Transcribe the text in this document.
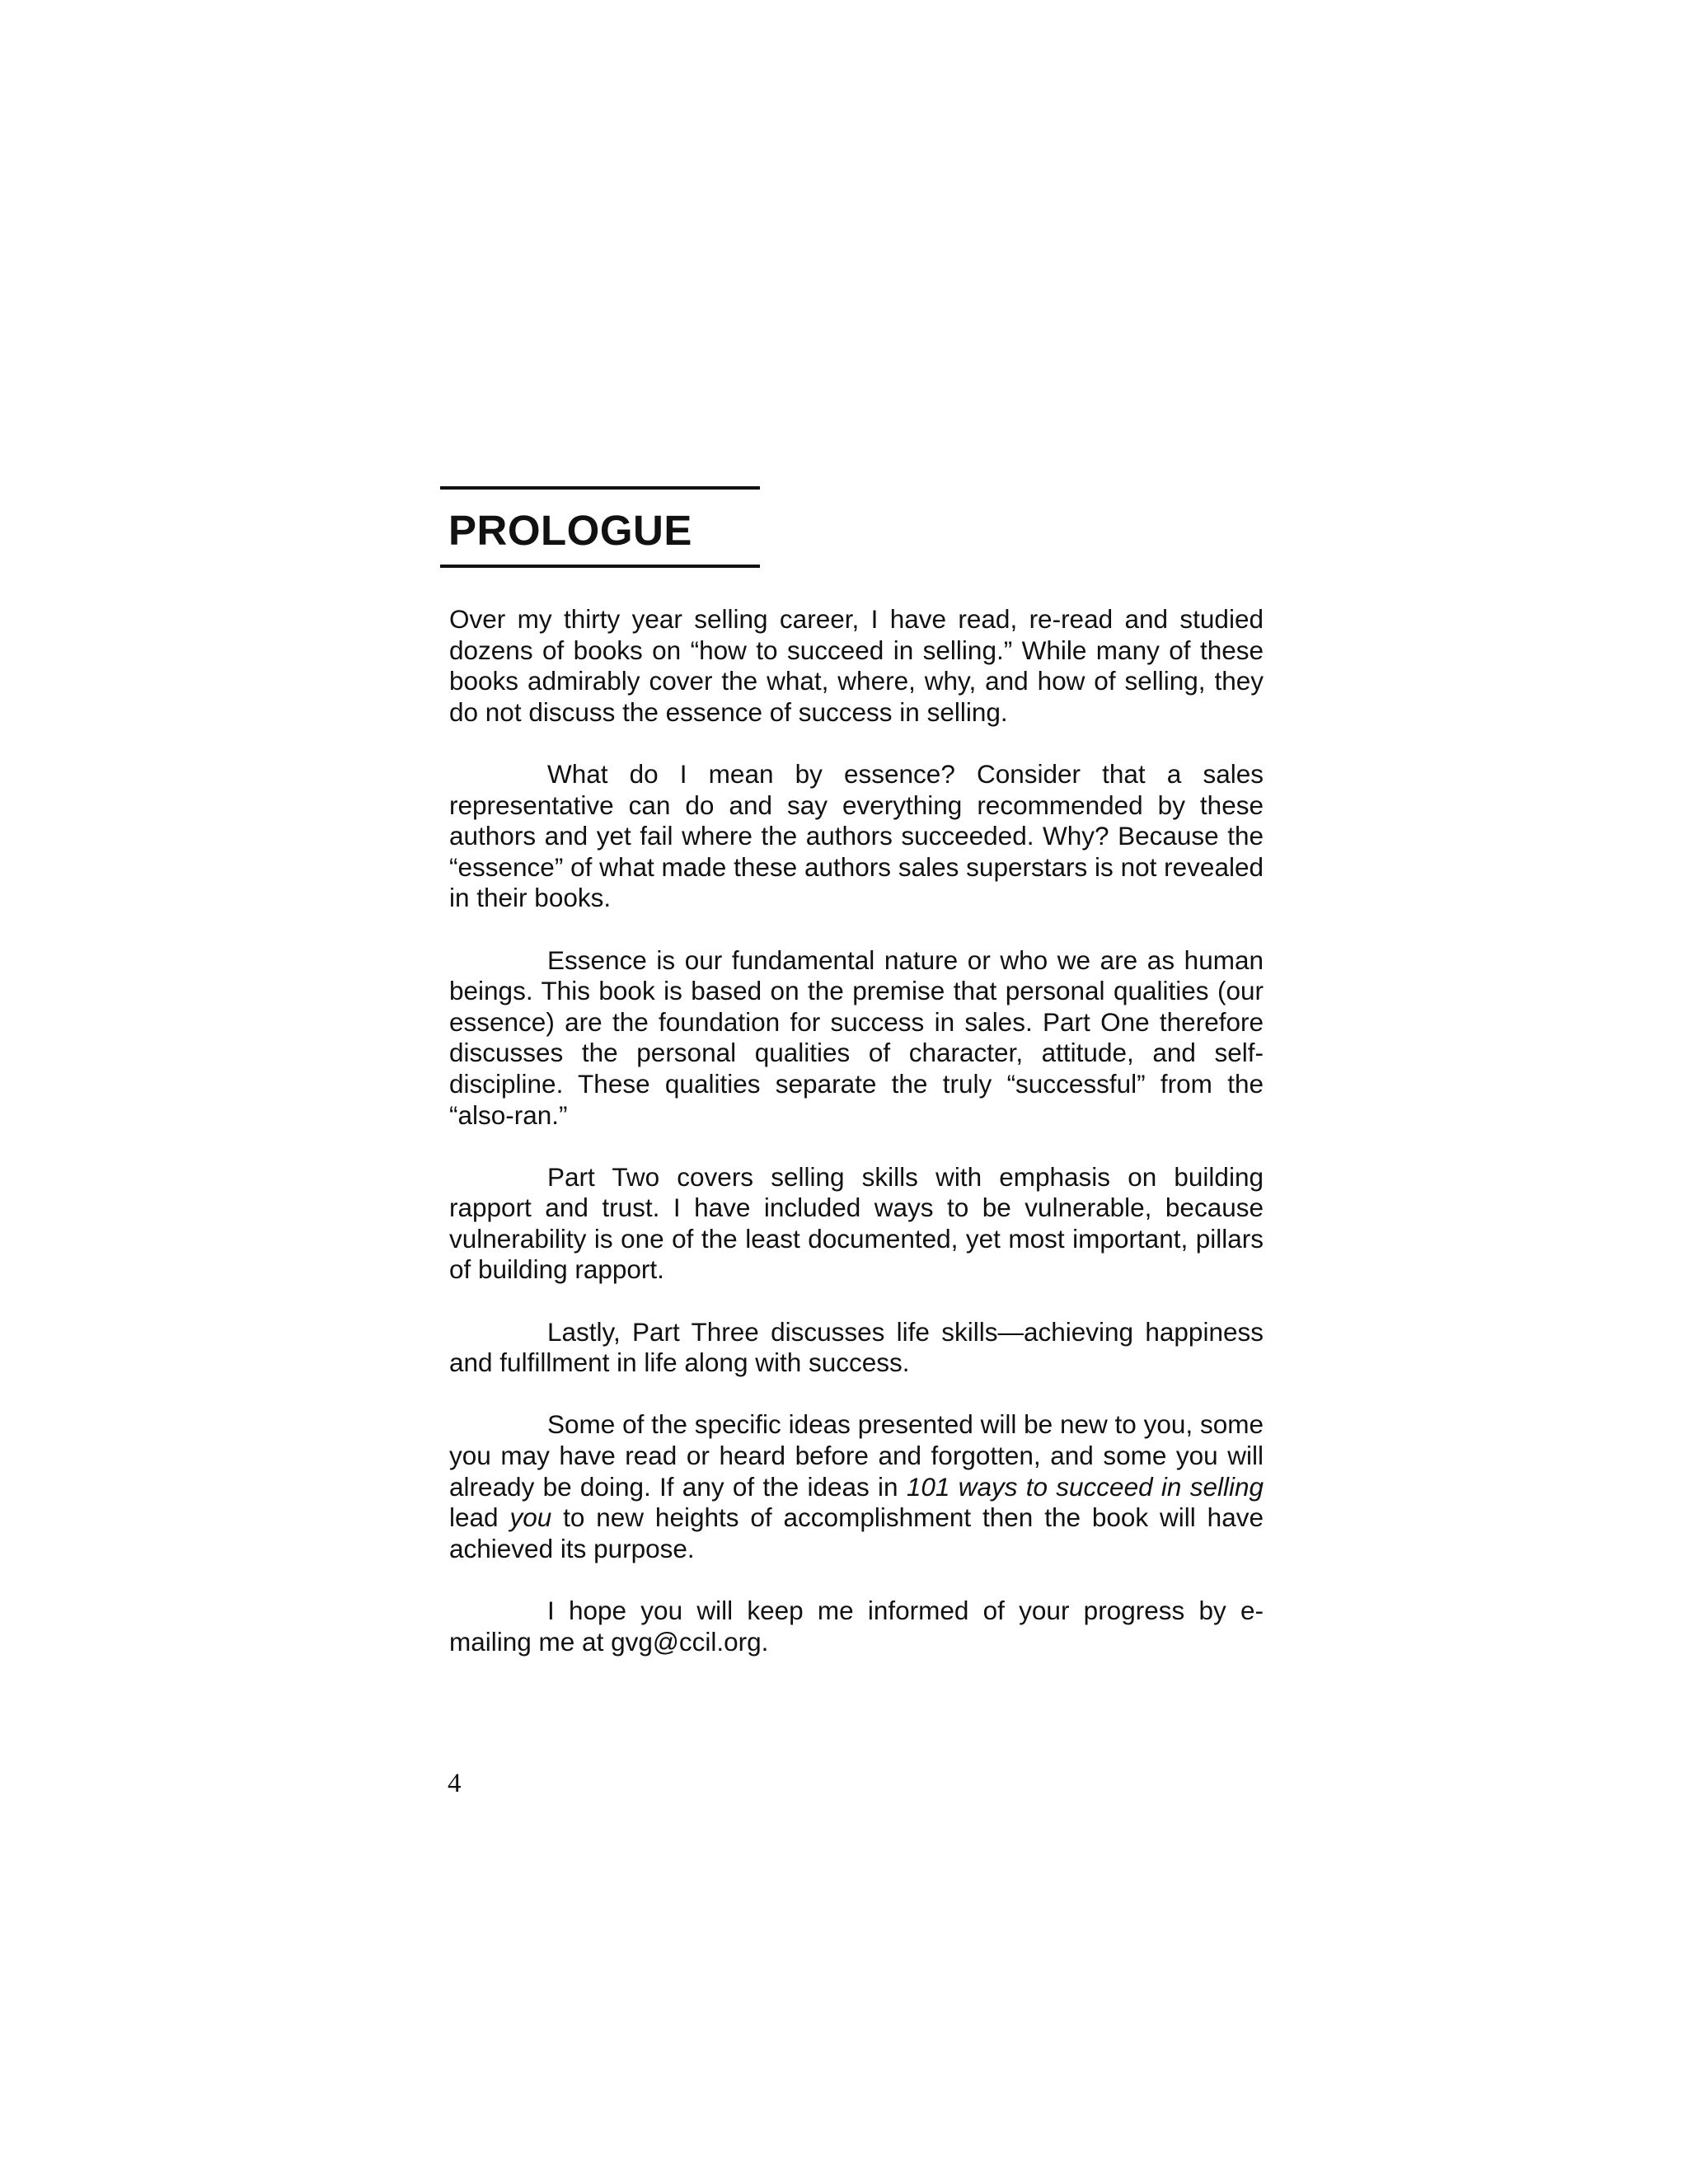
PROLOGUE

Over my thirty year selling career, I have read, re-read and studied dozens of books on “how to succeed in selling.” While many of these books admirably cover the what, where, why, and how of selling, they do not discuss the essence of success in selling.

What do I mean by essence? Consider that a sales representative can do and say everything recommended by these authors and yet fail where the authors succeeded. Why? Because the “essence” of what made these authors sales superstars is not revealed in their books.

Essence is our fundamental nature or who we are as human beings. This book is based on the premise that personal qualities (our essence) are the foundation for success in sales. Part One therefore discusses the personal qualities of character, attitude, and self-discipline. These qualities separate the truly “successful” from the “also-ran.”

Part Two covers selling skills with emphasis on building rapport and trust. I have included ways to be vulnerable, because vulnerability is one of the least documented, yet most important, pillars of building rapport.

Lastly, Part Three discusses life skills—achieving happiness and fulfillment in life along with success.

Some of the specific ideas presented will be new to you, some you may have read or heard before and forgotten, and some you will already be doing. If any of the ideas in 101 ways to succeed in selling lead you to new heights of accomplishment then the book will have achieved its purpose.

I hope you will keep me informed of your progress by e-mailing me at gvg@ccil.org.

4
